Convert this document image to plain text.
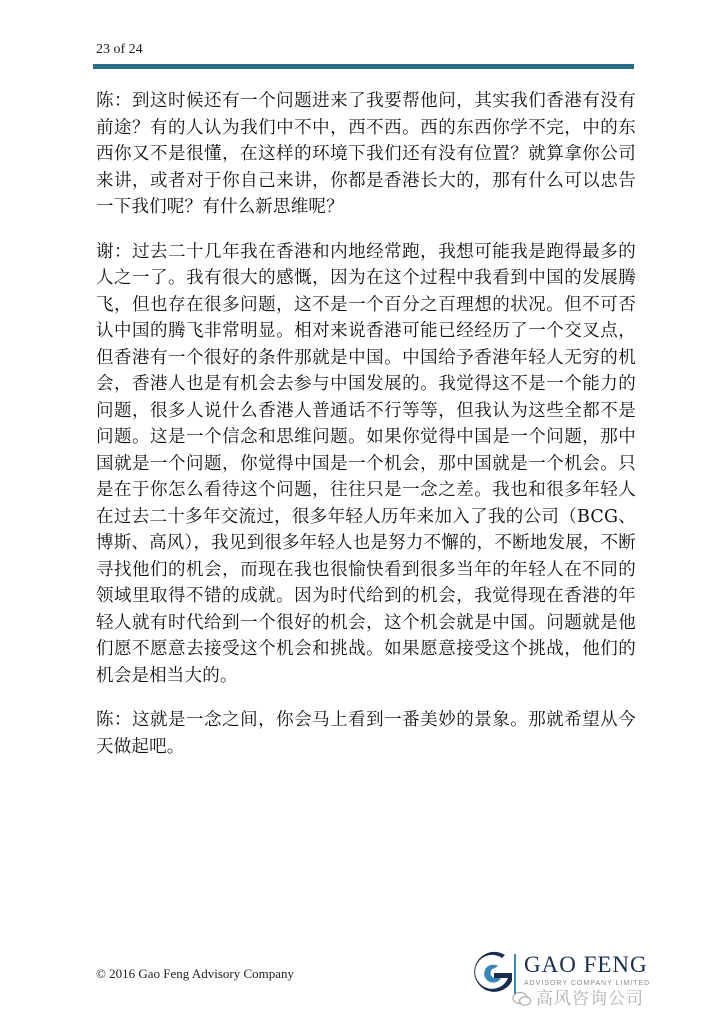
23 of 24

陈：到这时候还有一个问题进来了我要帮他问，其实我们香港有没有前途？有的人认为我们中不中，西不西。西的东西你学不完，中的东西你又不是很懂，在这样的环境下我们还有没有位置？就算拿你公司来讲，或者对于你自己来讲，你都是香港长大的，那有什么可以忠告一下我们呢？有什么新思维呢？

谢：过去二十几年我在香港和内地经常跑，我想可能我是跑得最多的人之一了。我有很大的感慨，因为在这个过程中我看到中国的发展腾飞，但也存在很多问题，这不是一个百分之百理想的状况。但不可否认中国的腾飞非常明显。相对来说香港可能已经经历了一个交叉点，但香港有一个很好的条件那就是中国。中国给予香港年轻人无穷的机会，香港人也是有机会去参与中国发展的。我觉得这不是一个能力的问题，很多人说什么香港人普通话不行等等，但我认为这些全都不是问题。这是一个信念和思维问题。如果你觉得中国是一个问题，那中国就是一个问题，你觉得中国是一个机会，那中国就是一个机会。只是在于你怎么看待这个问题，往往只是一念之差。我也和很多年轻人在过去二十多年交流过，很多年轻人历年来加入了我的公司（BCG、博斯、高风），我见到很多年轻人也是努力不懈的，不断地发展，不断寻找他们的机会，而现在我也很愉快看到很多当年的年轻人在不同的领域里取得不错的成就。因为时代给到的机会，我觉得现在香港的年轻人就有时代给到一个很好的机会，这个机会就是中国。问题就是他们愿不愿意去接受这个机会和挑战。如果愿意接受这个挑战，他们的机会是相当大的。

陈：这就是一念之间，你会马上看到一番美妙的景象。那就希望从今天做起吧。

© 2016 Gao Feng Advisory Company	GAO FENG
ADVISORY COMPANY LIMITED
高风咨询公司
